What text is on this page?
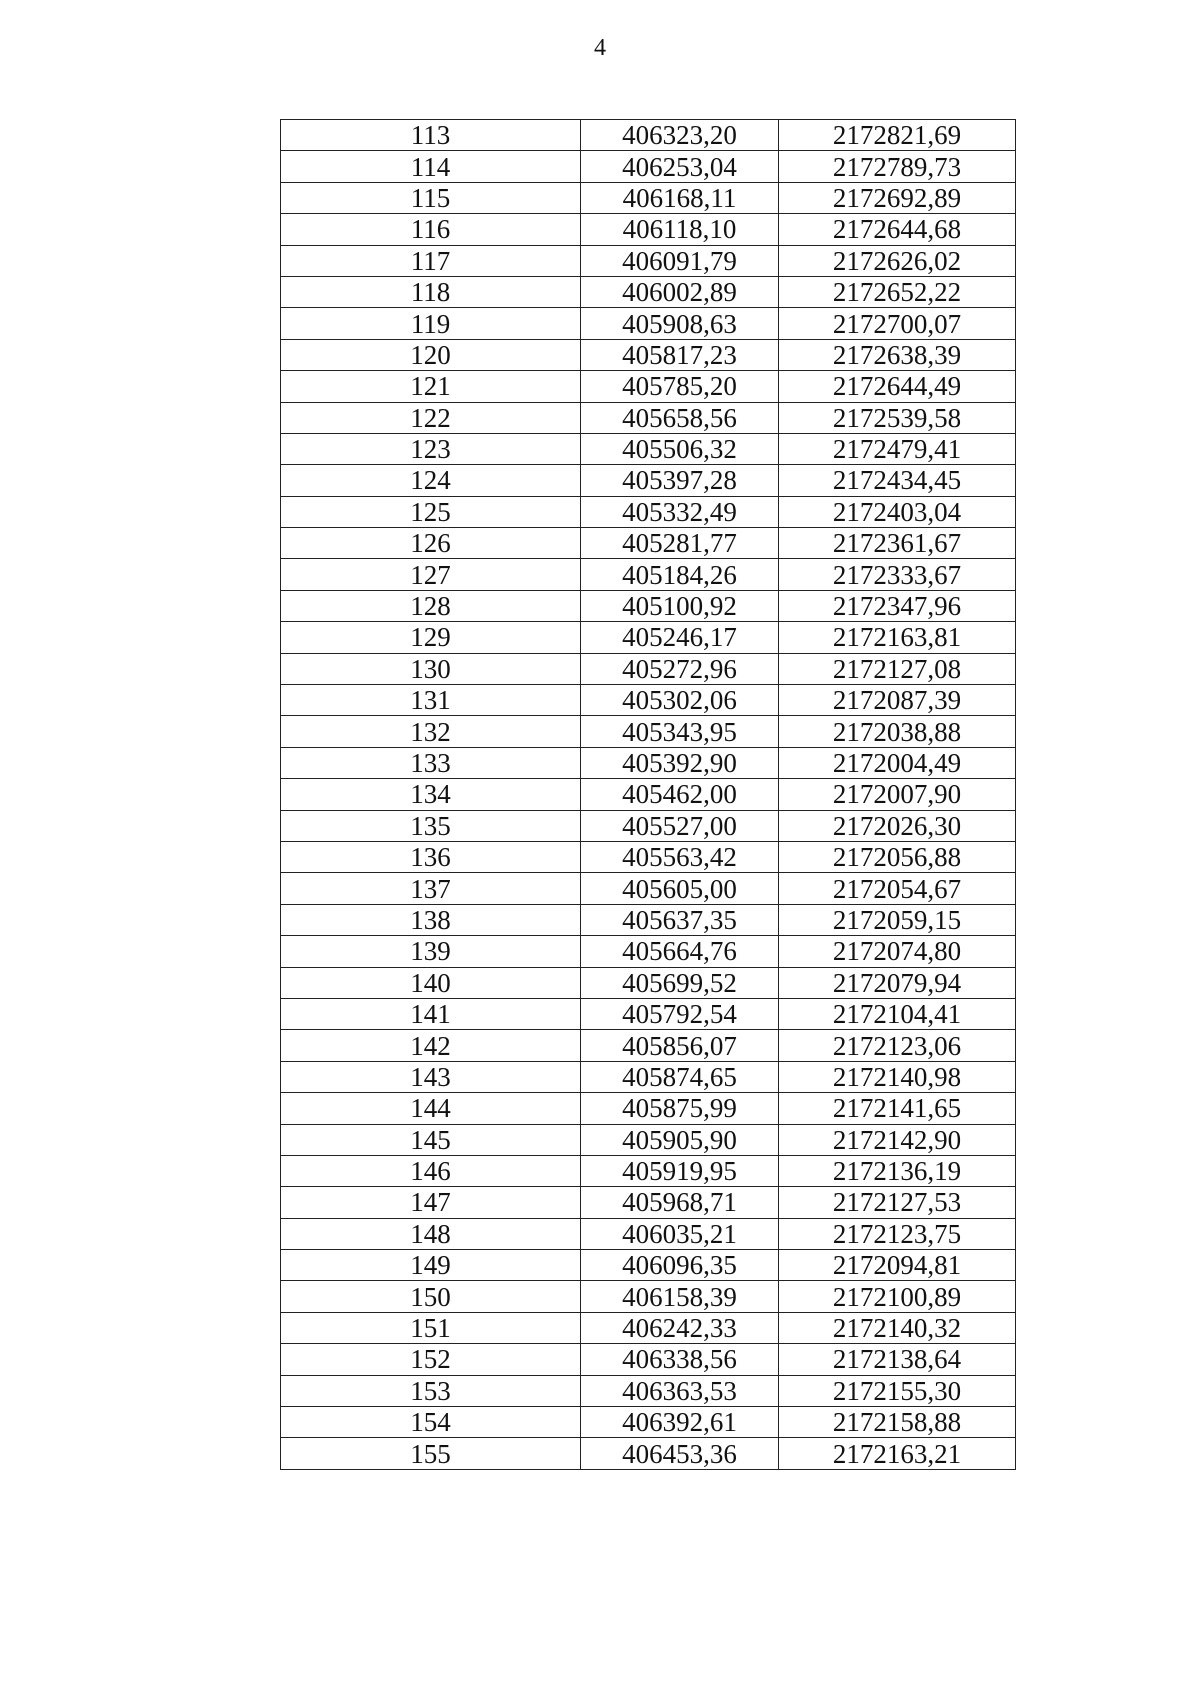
4
113	406323,20	2172821,69
114	406253,04	2172789,73
115	406168,11	2172692,89
116	406118,10	2172644,68
117	406091,79	2172626,02
118	406002,89	2172652,22
119	405908,63	2172700,07
120	405817,23	2172638,39
121	405785,20	2172644,49
122	405658,56	2172539,58
123	405506,32	2172479,41
124	405397,28	2172434,45
125	405332,49	2172403,04
126	405281,77	2172361,67
127	405184,26	2172333,67
128	405100,92	2172347,96
129	405246,17	2172163,81
130	405272,96	2172127,08
131	405302,06	2172087,39
132	405343,95	2172038,88
133	405392,90	2172004,49
134	405462,00	2172007,90
135	405527,00	2172026,30
136	405563,42	2172056,88
137	405605,00	2172054,67
138	405637,35	2172059,15
139	405664,76	2172074,80
140	405699,52	2172079,94
141	405792,54	2172104,41
142	405856,07	2172123,06
143	405874,65	2172140,98
144	405875,99	2172141,65
145	405905,90	2172142,90
146	405919,95	2172136,19
147	405968,71	2172127,53
148	406035,21	2172123,75
149	406096,35	2172094,81
150	406158,39	2172100,89
151	406242,33	2172140,32
152	406338,56	2172138,64
153	406363,53	2172155,30
154	406392,61	2172158,88
155	406453,36	2172163,21
